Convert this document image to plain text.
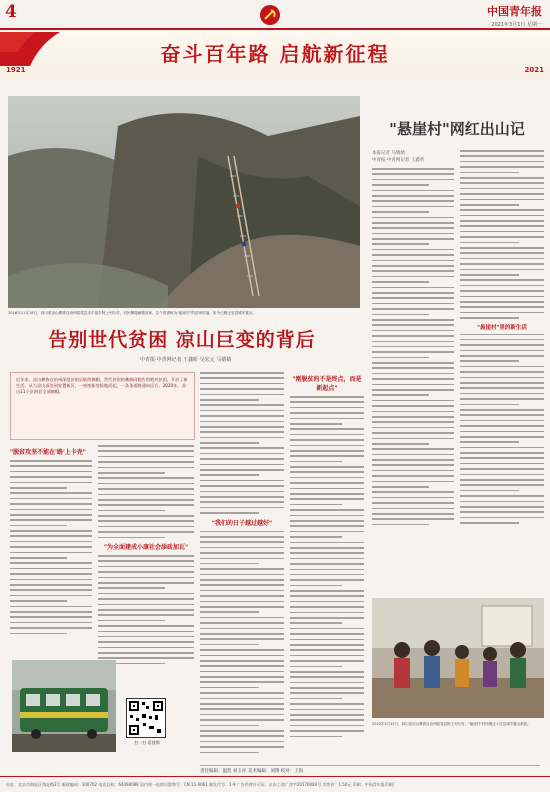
4	中国青年报
2021年3月1日 星期一
奋斗百年路 启航新征程
1921	2021
2016年11月18日，四川省凉山彝族自治州昭觉县支尔莫乡阿土列尔村，村民攀爬藤梯回家。这个曾被称为"悬崖村"的贫困村落，如今已搬迁至县城安置点。
"悬崖村"网红出山记
本报记者 马婧婧
中青报·中青网记者 王鑫昕
"悬崖村"里的新生活
告别世代贫困 凉山巨变的背后
中青报·中青网记者 王鑫昕 吴宏元 马婧婧
近年来，凉山彝族自治州深度贫困县陆续摘帽，世代贫困的彝族同胞告别绝对贫困，开启了新生活。从大凉山深处到安置新区，一座座新房拔地而起，一条条道路通向远方。2020年，凉山11个贫困县全部摘帽。
"脱贫攻坚不能在'路'上卡壳"
"为全面建成小康社会添砖加瓦"
"我们的日子越过越好"
"刚脱贫的不是终点，而是新起点"
扫一扫 看视频
2020年5月12日，四川省凉山彝族自治州昭觉县阿土列尔村，"悬崖村"村民搬迁入住县城安置点新居。
责任编辑：温凯 刘玉祥 美术编辑：刘翔 校对：王海
社址：北京市海淀区海淀路2号 邮政编码：100702 电话总机：64098088 国内统一连续出版物号：CN 11-0061 邮发代号：1-9 广告经营许可证：京东工商广登字20170084号 零售价：1.50元 印刷：中国青年报印刷厂
